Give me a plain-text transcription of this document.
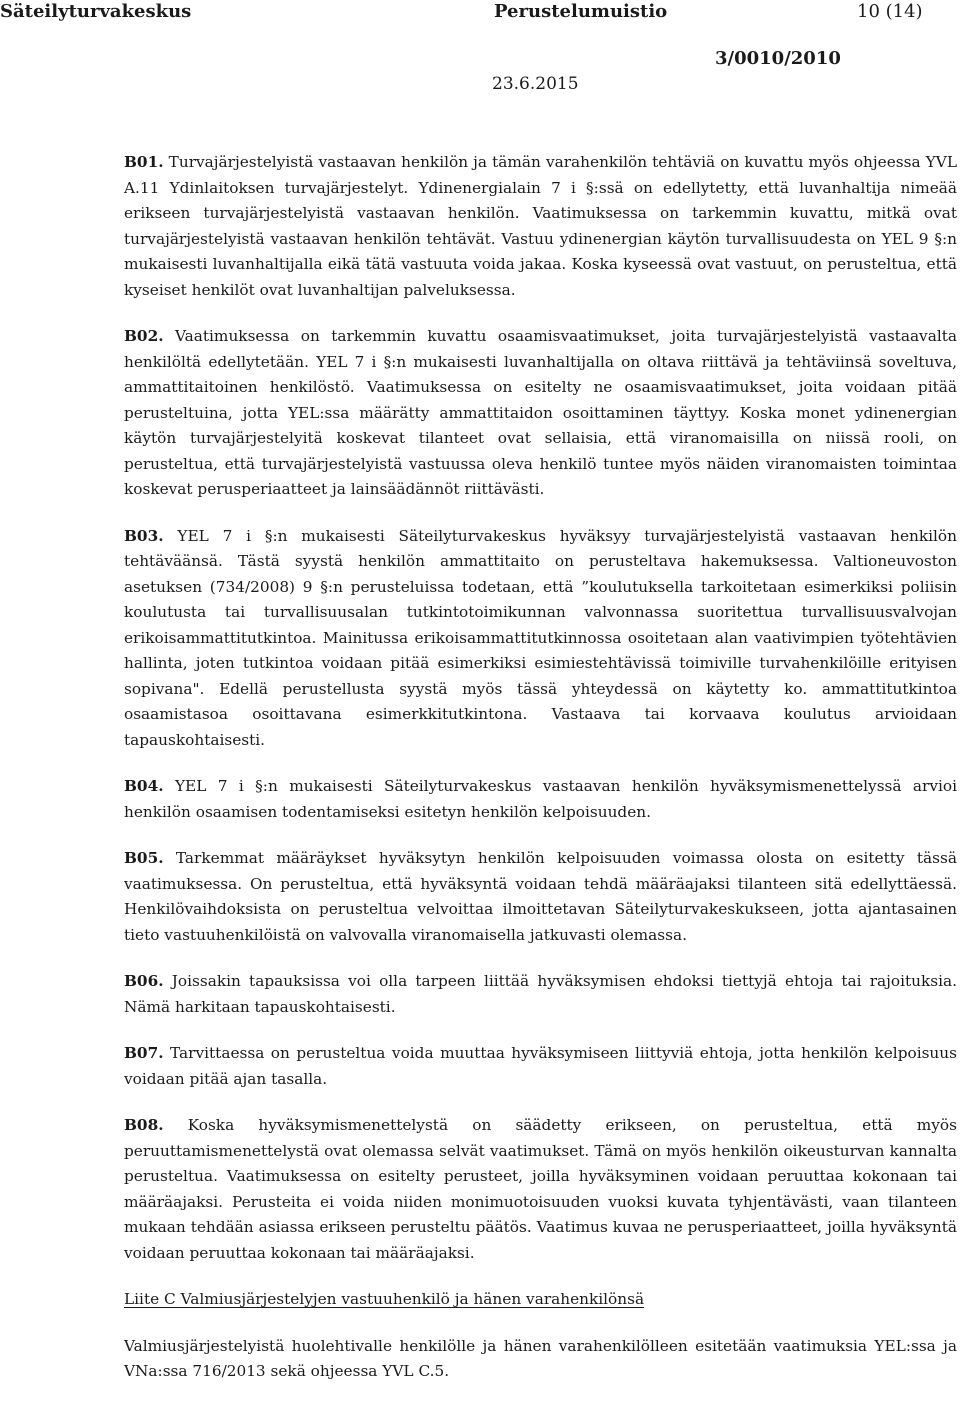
Säteilyturvakeskus	Perustelumuistio	10 (14)
3/0010/2010
23.6.2015

B01. Turvajärjestelyistä vastaavan henkilön ja tämän varahenkilön tehtäviä on kuvattu myös ohjeessa YVL A.11 Ydinlaitoksen turvajärjestelyt. Ydinenergialain 7 i §:ssä on edellytetty, että luvanhaltija nimeää erikseen turvajärjestelyistä vastaavan henkilön. Vaatimuksessa on tarkemmin kuvattu, mitkä ovat turvajärjestelyistä vastaavan henkilön tehtävät. Vastuu ydinenergian käytön turvallisuudesta on YEL 9 §:n mukaisesti luvanhaltijalla eikä tätä vastuuta voida jakaa. Koska kyseessä ovat vastuut, on perusteltua, että kyseiset henkilöt ovat luvanhaltijan palveluksessa.

B02. Vaatimuksessa on tarkemmin kuvattu osaamisvaatimukset, joita turvajärjestelyistä vastaavalta henkilöltä edellytetään. YEL 7 i §:n mukaisesti luvanhaltijalla on oltava riittävä ja tehtäviinsä soveltuva, ammattitaitoinen henkilöstö. Vaatimuksessa on esitelty ne osaamisvaatimukset, joita voidaan pitää perusteltuina, jotta YEL:ssa määrätty ammattitaidon osoittaminen täyttyy. Koska monet ydinenergian käytön turvajärjestelyitä koskevat tilanteet ovat sellaisia, että viranomaisilla on niissä rooli, on perusteltua, että turvajärjestelyistä vastuussa oleva henkilö tuntee myös näiden viranomaisten toimintaa koskevat perusperiaatteet ja lainsäädännöt riittävästi.

B03. YEL 7 i §:n mukaisesti Säteilyturvakeskus hyväksyy turvajärjestelyistä vastaavan henkilön tehtäväänsä. Tästä syystä henkilön ammattitaito on perusteltava hakemuksessa. Valtioneuvoston asetuksen (734/2008) 9 §:n perusteluissa todetaan, että ”koulutuksella tarkoitetaan esimerkiksi poliisin koulutusta tai turvallisuusalan tutkintotoimikunnan valvonnassa suoritettua turvallisuusvalvojan erikoisammattitutkintoa. Mainitussa erikoisammattitutkinnossa osoitetaan alan vaativimpien työtehtävien hallinta, joten tutkintoa voidaan pitää esimerkiksi esimiestehtävissä toimiville turvahenkilöille erityisen sopivana". Edellä perustellusta syystä myös tässä yhteydessä on käytetty ko. ammattitutkintoa osaamistasoa osoittavana esimerkkitutkintona. Vastaava tai korvaava koulutus arvioidaan tapauskohtaisesti.

B04. YEL 7 i §:n mukaisesti Säteilyturvakeskus vastaavan henkilön hyväksymismenettelyssä arvioi henkilön osaamisen todentamiseksi esitetyn henkilön kelpoisuuden.

B05. Tarkemmat määräykset hyväksytyn henkilön kelpoisuuden voimassa olosta on esitetty tässä vaatimuksessa. On perusteltua, että hyväksyntä voidaan tehdä määräajaksi tilanteen sitä edellyttäessä. Henkilövaihdoksista on perusteltua velvoittaa ilmoittetavan Säteilyturvakeskukseen, jotta ajantasainen tieto vastuuhenkilöistä on valvovalla viranomaisella jatkuvasti olemassa.

B06. Joissakin tapauksissa voi olla tarpeen liittää hyväksymisen ehdoksi tiettyjä ehtoja tai rajoituksia. Nämä harkitaan tapauskohtaisesti.

B07. Tarvittaessa on perusteltua voida muuttaa hyväksymiseen liittyviä ehtoja, jotta henkilön kelpoisuus voidaan pitää ajan tasalla.

B08. Koska hyväksymismenettelystä on säädetty erikseen, on perusteltua, että myös peruuttamismenettelystä ovat olemassa selvät vaatimukset. Tämä on myös henkilön oikeusturvan kannalta perusteltua. Vaatimuksessa on esitelty perusteet, joilla hyväksyminen voidaan peruuttaa kokonaan tai määräajaksi. Perusteita ei voida niiden monimuotoisuuden vuoksi kuvata tyhjentävästi, vaan tilanteen mukaan tehdään asiassa erikseen perusteltu päätös. Vaatimus kuvaa ne perusperiaatteet, joilla hyväksyntä voidaan peruuttaa kokonaan tai määräajaksi.

Liite C Valmiusjärjestelyjen vastuuhenkilö ja hänen varahenkilönsä

Valmiusjärjestelyistä huolehtivalle henkilölle ja hänen varahenkilölleen esitetään vaatimuksia YEL:ssa ja VNa:ssa 716/2013 sekä ohjeessa YVL C.5.
